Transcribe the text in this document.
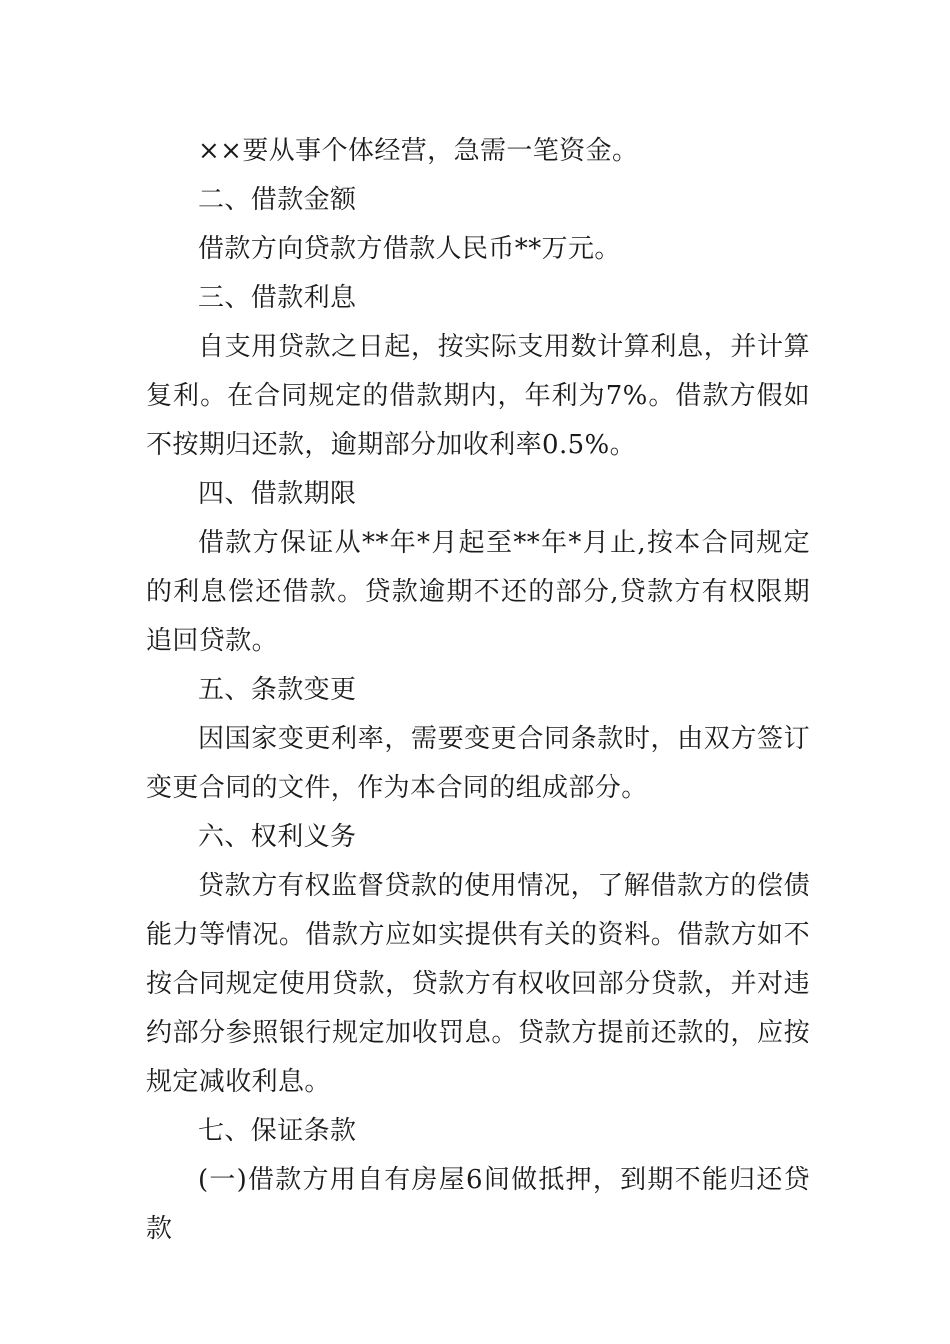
××要从事个体经营，急需一笔资金。

二、借款金额

借款方向贷款方借款人民币**万元。

三、借款利息

自支用贷款之日起，按实际支用数计算利息，并计算复利。在合同规定的借款期内，年利为7%。借款方假如不按期归还款，逾期部分加收利率0.5%。

四、借款期限

借款方保证从**年*月起至**年*月止,按本合同规定的利息偿还借款。贷款逾期不还的部分,贷款方有权限期追回贷款。

五、条款变更

因国家变更利率，需要变更合同条款时，由双方签订变更合同的文件，作为本合同的组成部分。

六、权利义务

贷款方有权监督贷款的使用情况，了解借款方的偿债能力等情况。借款方应如实提供有关的资料。借款方如不按合同规定使用贷款，贷款方有权收回部分贷款，并对违约部分参照银行规定加收罚息。贷款方提前还款的，应按规定减收利息。

七、保证条款

(一)借款方用自有房屋6间做抵押，到期不能归还贷款
